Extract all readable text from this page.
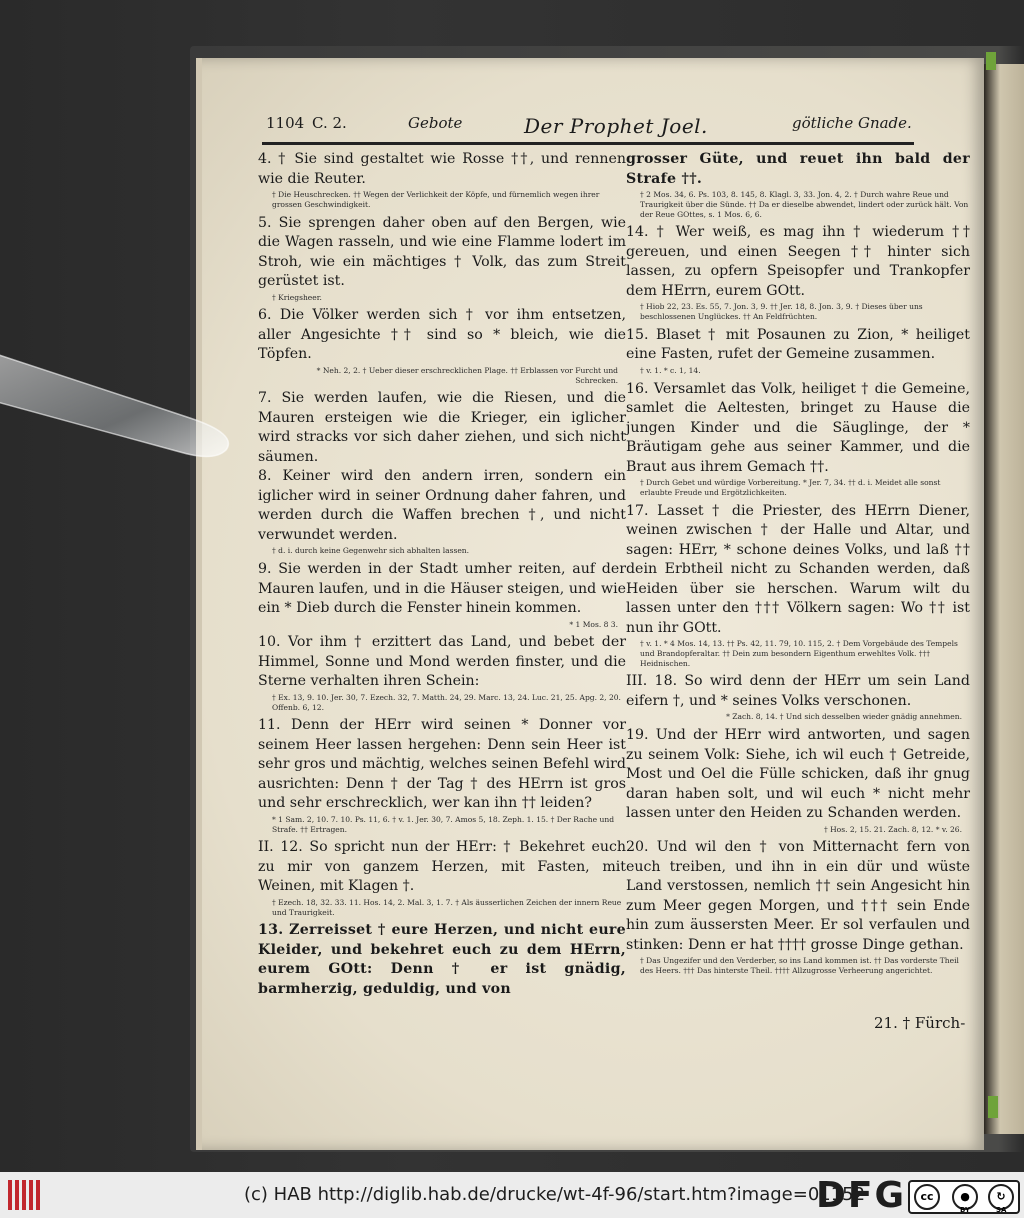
1104 C. 2.	Gebote	Der Prophet Joel.	götliche Gnade.

4. † Sie sind gestaltet wie Rosse ††, und rennen wie die Reuter.

† Die Heuschrecken. †† Wegen der Verlichkeit der Köpfe, und fürnemlich wegen ihrer grossen Geschwindigkeit.

5. Sie sprengen daher oben auf den Bergen, wie die Wagen rasseln, und wie eine Flamme lodert im Stroh, wie ein mächtiges † Volk, das zum Streit gerüstet ist.

† Kriegsheer.

6. Die Völker werden sich † vor ihm entsetzen, aller Angesichte †† sind so * bleich, wie die Töpfen.

* Neh. 2, 2. † Ueber dieser erschrecklichen Plage. †† Erblassen vor Furcht und Schrecken.

7. Sie werden laufen, wie die Riesen, und die Mauren ersteigen wie die Krieger, ein iglicher wird stracks vor sich daher ziehen, und sich nicht säumen.

8. Keiner wird den andern irren, sondern ein iglicher wird in seiner Ordnung daher fahren, und werden durch die Waffen brechen †, und nicht verwundet werden.

† d. i. durch keine Gegenwehr sich abhalten lassen.

9. Sie werden in der Stadt umher reiten, auf der Mauren laufen, und in die Häuser steigen, und wie ein * Dieb durch die Fenster hinein kommen.

* 1 Mos. 8 3.

10. Vor ihm † erzittert das Land, und bebet der Himmel, Sonne und Mond werden finster, und die Sterne verhalten ihren Schein:

† Ex. 13, 9. 10. Jer. 30, 7. Ezech. 32, 7. Matth. 24, 29. Marc. 13, 24. Luc. 21, 25. Apg. 2, 20. Offenb. 6, 12.

11. Denn der HErr wird seinen * Donner vor seinem Heer lassen hergehen: Denn sein Heer ist sehr gros und mächtig, welches seinen Befehl wird ausrichten: Denn † der Tag † des HErrn ist gros und sehr erschrecklich, wer kan ihn †† leiden?

* 1 Sam. 2, 10. 7. 10. Ps. 11, 6. † v. 1. Jer. 30, 7. Amos 5, 18. Zeph. 1. 15. † Der Rache und Strafe. †† Ertragen.

II. 12. So spricht nun der HErr: † Bekehret euch zu mir von ganzem Herzen, mit Fasten, mit Weinen, mit Klagen †.

† Ezech. 18, 32. 33. 11. Hos. 14, 2. Mal. 3, 1. 7. † Als äusserlichen Zeichen der innern Reue und Traurigkeit.

13. Zerreisset † eure Herzen, und nicht eure Kleider, und bekehret euch zu dem HErrn, eurem GOtt: Denn † er ist gnädig, barmherzig, geduldig, und von

grosser Güte, und reuet ihn bald der Strafe ††.

† 2 Mos. 34, 6. Ps. 103, 8. 145, 8. Klagl. 3, 33. Jon. 4, 2. † Durch wahre Reue und Traurigkeit über die Sünde. †† Da er dieselbe abwendet, lindert oder zurück hält. Von der Reue GOttes, s. 1 Mos. 6, 6.

14. † Wer weiß, es mag ihn † wiederum †† gereuen, und einen Seegen †† hinter sich lassen, zu opfern Speisopfer und Trankopfer dem HErrn, eurem GOtt.

† Hiob 22, 23. Es. 55, 7. Jon. 3, 9. †† Jer. 18, 8. Jon. 3, 9. † Dieses über uns beschlossenen Unglückes. †† An Feldfrüchten.

15. Blaset † mit Posaunen zu Zion, * heiliget eine Fasten, rufet der Gemeine zusammen.

† v. 1. * c. 1, 14.

16. Versamlet das Volk, heiliget † die Gemeine, samlet die Aeltesten, bringet zu Hause die jungen Kinder und die Säuglinge, der * Bräutigam gehe aus seiner Kammer, und die Braut aus ihrem Gemach ††.

† Durch Gebet und würdige Vorbereitung. * Jer. 7, 34. †† d. i. Meidet alle sonst erlaubte Freude und Ergötzlichkeiten.

17. Lasset † die Priester, des HErrn Diener, weinen zwischen † der Halle und Altar, und sagen: HErr, * schone deines Volks, und laß †† dein Erbtheil nicht zu Schanden werden, daß Heiden über sie herschen. Warum wilt du lassen unter den ††† Völkern sagen: Wo †† ist nun ihr GOtt.

† v. 1. * 4 Mos. 14, 13. †† Ps. 42, 11. 79, 10. 115, 2. † Dem Vorgebäude des Tempels und Brandopferaltar. †† Dein zum besondern Eigenthum erwehltes Volk. ††† Heidnischen.

III. 18. So wird denn der HErr um sein Land eifern †, und * seines Volks verschonen.

* Zach. 8, 14. † Und sich desselben wieder gnädig annehmen.

19. Und der HErr wird antworten, und sagen zu seinem Volk: Siehe, ich wil euch † Getreide, Most und Oel die Fülle schicken, daß ihr gnug daran haben solt, und wil euch * nicht mehr lassen unter den Heiden zu Schanden werden.

† Hos. 2, 15. 21. Zach. 8, 12. * v. 26.

20. Und wil den † von Mitternacht fern von euch treiben, und ihn in ein dür und wüste Land verstossen, nemlich †† sein Angesicht hin zum Meer gegen Morgen, und ††† sein Ende hin zum äussersten Meer. Er sol verfaulen und stinken: Denn er hat †††† grosse Dinge gethan.

† Das Ungezifer und den Verderber, so ins Land kommen ist. †† Das vorderste Theil des Heers. ††† Das hinterste Theil. †††† Allzugrosse Verheerung angerichtet.

21. † Fürch-
(c) HAB http://diglib.hab.de/drucke/wt-4f-96/start.htm?image=01152
DFG	cc	●	↻
BY	SA
